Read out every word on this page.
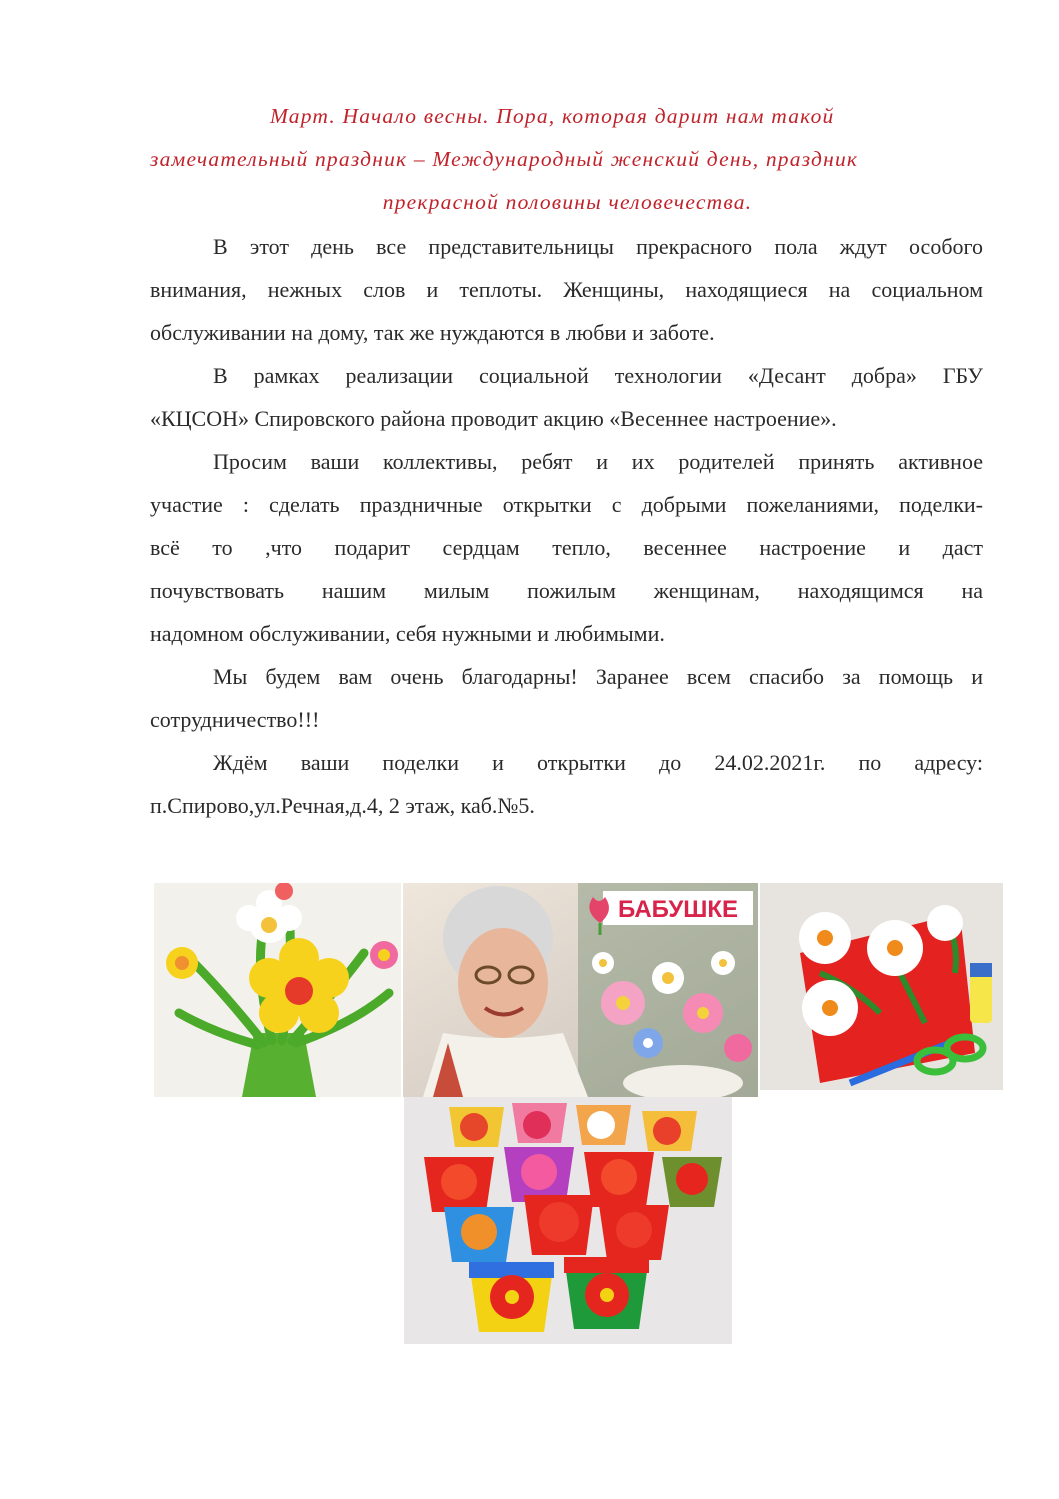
Март. Начало весны. Пора, которая дарит нам такой
замечательный праздник – Международный женский день, праздник
прекрасной половины человечества.
В этот день все представительницы прекрасного пола ждут особого
внимания, нежных слов и теплоты. Женщины, находящиеся на социальном
обслуживании на дому, так же нуждаются в любви и заботе.
В рамках реализации социальной технологии «Десант добра» ГБУ
«КЦСОН» Спировского района проводит акцию «Весеннее настроение».
Просим ваши коллективы, ребят и их родителей принять активное
участие : сделать праздничные открытки с добрыми пожеланиями, поделки-
всё то ,что подарит сердцам тепло, весеннее настроение и даст
почувствовать нашим милым пожилым женщинам, находящимся на
надомном обслуживании, себя нужными и любимыми.
Мы будем вам очень благодарны! Заранее всем спасибо за помощь и
сотрудничество!!!
Ждём ваши поделки и открытки до 24.02.2021г. по адресу:
п.Спирово,ул.Речная,д.4, 2 этаж, каб.№5.
БАБУШКЕ
